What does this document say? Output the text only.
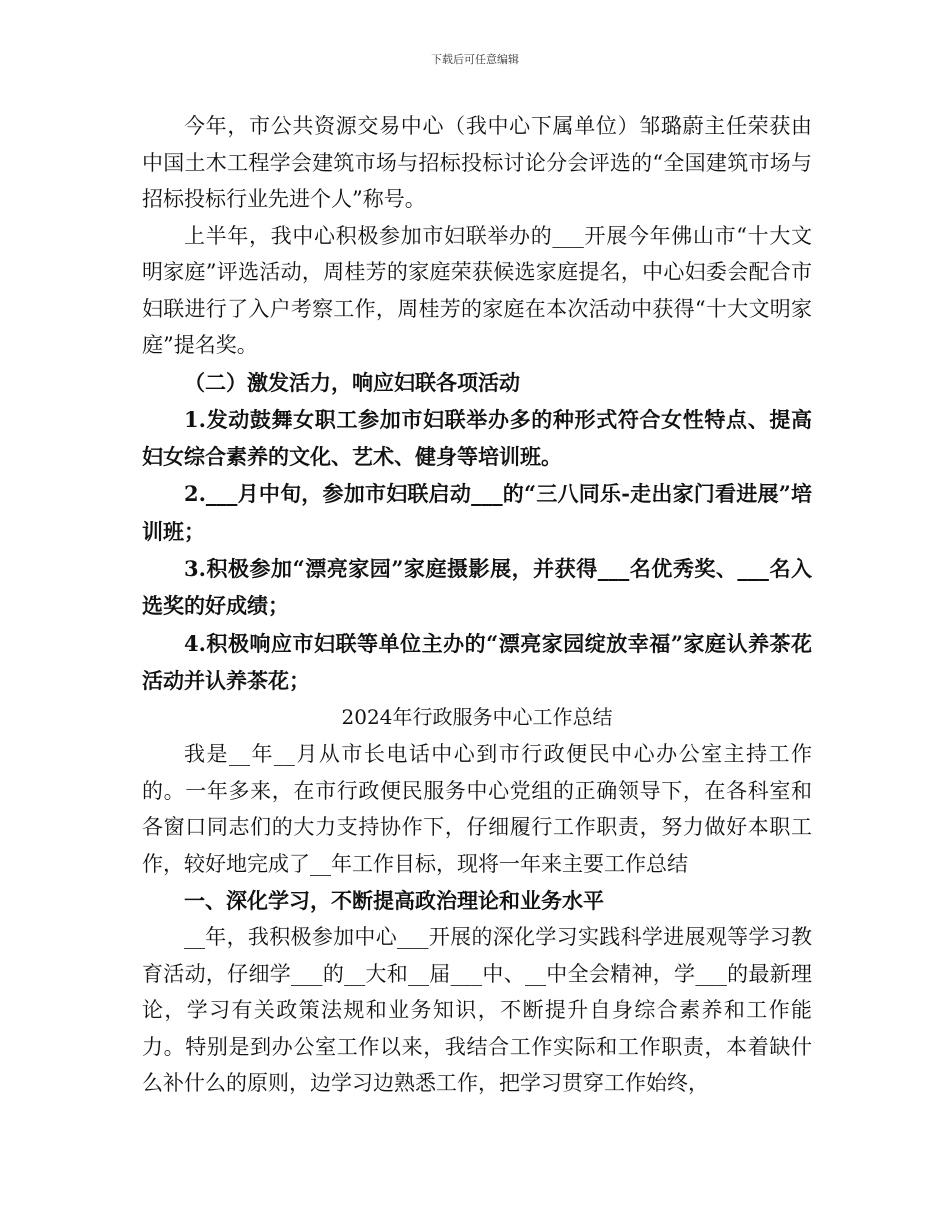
下载后可任意编辑

今年，市公共资源交易中心（我中心下属单位）邹璐蔚主任荣获由中国土木工程学会建筑市场与招标投标讨论分会评选的“全国建筑市场与招标投标行业先进个人”称号。

上半年，我中心积极参加市妇联举办的___开展今年佛山市“十大文明家庭”评选活动，周桂芳的家庭荣获候选家庭提名，中心妇委会配合市妇联进行了入户考察工作，周桂芳的家庭在本次活动中获得“十大文明家庭”提名奖。

（二）激发活力，响应妇联各项活动

1.发动鼓舞女职工参加市妇联举办多的种形式符合女性特点、提高妇女综合素养的文化、艺术、健身等培训班。

2.___月中旬，参加市妇联启动___的“三八同乐-走出家门看进展”培训班；

3.积极参加“漂亮家园”家庭摄影展，并获得___名优秀奖、___名入选奖的好成绩；

4.积极响应市妇联等单位主办的“漂亮家园绽放幸福”家庭认养茶花活动并认养茶花；

2024年行政服务中心工作总结

我是__年__月从市长电话中心到市行政便民中心办公室主持工作的。一年多来，在市行政便民服务中心党组的正确领导下，在各科室和各窗口同志们的大力支持协作下，仔细履行工作职责，努力做好本职工作，较好地完成了__年工作目标，现将一年来主要工作总结

一、深化学习，不断提高政治理论和业务水平

__年，我积极参加中心___开展的深化学习实践科学进展观等学习教育活动，仔细学___的__大和__届___中、__中全会精神，学___的最新理论，学习有关政策法规和业务知识，不断提升自身综合素养和工作能力。特别是到办公室工作以来，我结合工作实际和工作职责，本着缺什么补什么的原则，边学习边熟悉工作，把学习贯穿工作始终，
